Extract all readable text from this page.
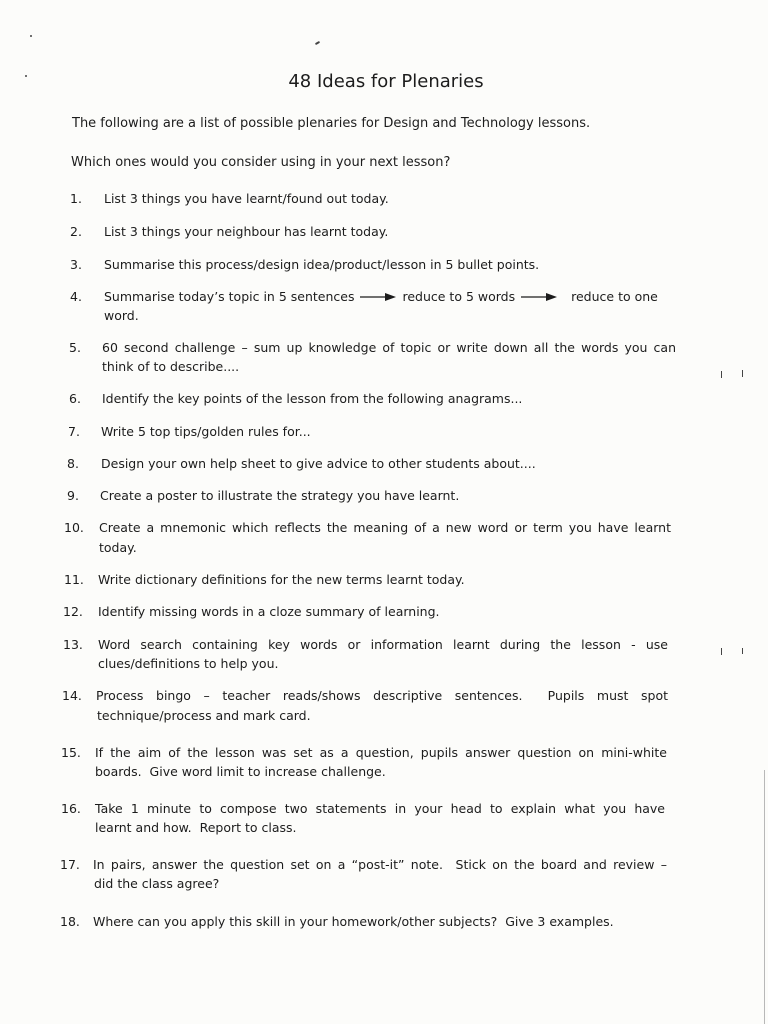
48 Ideas for Plenaries
The following are a list of possible plenaries for Design and Technology lessons.
Which ones would you consider using in your next lesson?
1. List 3 things you have learnt/found out today.
2. List 3 things your neighbour has learnt today.
3. Summarise this process/design idea/product/lesson in 5 bullet points.
4. Summarise today’s topic in 5 sentences	reduce to 5 words	reduce to one
word.
5. 60 second challenge – sum up knowledge of topic or write down all the words you can
think of to describe....
6. Identify the key points of the lesson from the following anagrams...
7. Write 5 top tips/golden rules for...
8. Design your own help sheet to give advice to other students about....
9. Create a poster to illustrate the strategy you have learnt.
10. Create a mnemonic which reflects the meaning of a new word or term you have learnt
today.
11. Write dictionary definitions for the new terms learnt today.
12. Identify missing words in a cloze summary of learning.
13. Word search containing key words or information learnt during the lesson - use
clues/definitions to help you.
14. Process bingo – teacher reads/shows descriptive sentences.  Pupils must spot
technique/process and mark card.
15. If the aim of the lesson was set as a question, pupils answer question on mini-white
boards.  Give word limit to increase challenge.
16. Take 1 minute to compose two statements in your head to explain what you have
learnt and how.  Report to class.
17. In pairs, answer the question set on a “post-it” note.  Stick on the board and review –
did the class agree?
18. Where can you apply this skill in your homework/other subjects?  Give 3 examples.
